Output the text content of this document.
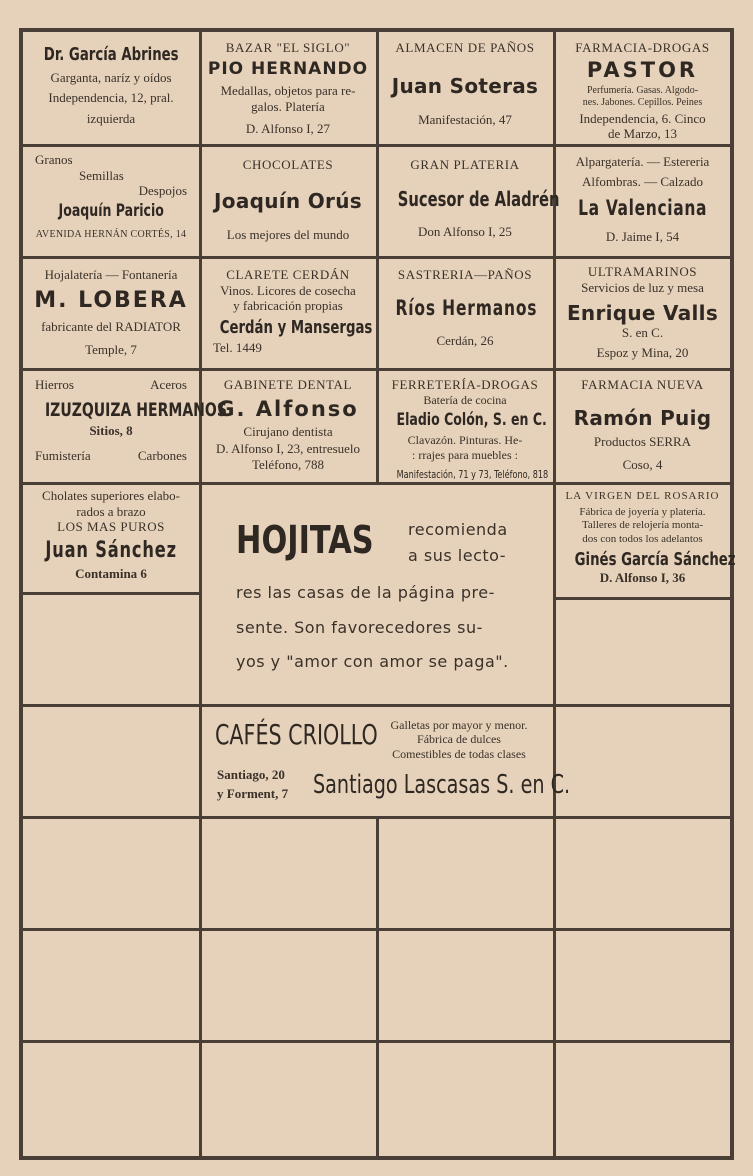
Dr. García Abrines
Garganta, naríz y oídos
Independencia, 12, pral.
izquierda
BAZAR "EL SIGLO"
PIO HERNANDO
Medallas, objetos para re-
galos. Platería
D. Alfonso I, 27
ALMACEN DE PAÑOS
Juan Soteras
Manifestación, 47
FARMACIA-DROGAS
PASTOR
Perfumería. Gasas. Algodo-
nes. Jabones. Cepillos. Peines
Independencia, 6. Cinco
de Marzo, 13
Granos
Semillas
Despojos
Joaquín Paricio
AVENIDA HERNÁN CORTÉS, 14
CHOCOLATES
Joaquín Orús
Los mejores del mundo
GRAN PLATERIA
Sucesor de Aladrén
Don Alfonso I, 25
Alpargatería. — Estereria
Alfombras. — Calzado
La Valenciana
D. Jaime I, 54
Hojalatería — Fontanería
M. LOBERA
fabricante del RADIATOR
Temple, 7
CLARETE CERDÁN
Vinos. Licores de cosecha
y fabricación propias
Cerdán y Mansergas
Tel. 1449
SASTRERIA—PAÑOS
Ríos Hermanos
Cerdán, 26
ULTRAMARINOS
Servicios de luz y mesa
Enrique Valls
S. en C.
Espoz y Mina, 20
Hierros	Aceros
IZUZQUIZA HERMANOS
Sitios, 8
Fumistería	Carbones
GABINETE DENTAL
G. Alfonso
Cirujano dentista
D. Alfonso I, 23, entresuelo
Teléfono, 788
FERRETERÍA-DROGAS
Batería de cocina
Eladio Colón, S. en C.
Clavazón. Pinturas. He-
: rrajes para muebles :
Manifestación, 71 y 73, Teléfono, 818
FARMACIA NUEVA
Ramón Puig
Productos SERRA
Coso, 4
Cholates superiores elabo-
rados a brazo
LOS MAS PUROS
Juan Sánchez
Contamina 6
LA VIRGEN DEL ROSARIO
Fábrica de joyería y platería.
Talleres de relojería monta-
dos con todos los adelantos
Ginés García Sánchez
D. Alfonso I, 36
HOJITAS	recomienda
a sus lecto-
res las casas de la página pre-
sente. Son favorecedores su-
yos y "amor con amor se paga".
CAFÉS CRIOLLO	Galletas por mayor y menor.
Fábrica de dulces
Comestibles de todas clases
Santiago, 20
y Forment, 7 Santiago Lascasas S. en C.
